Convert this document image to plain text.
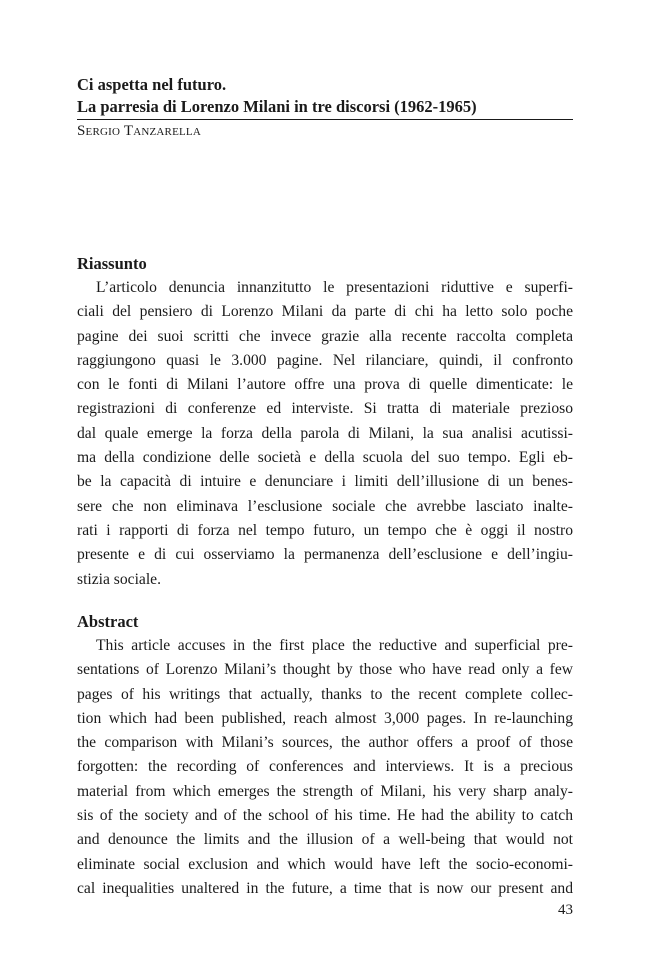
Ci aspetta nel futuro.
La parresia di Lorenzo Milani in tre discorsi (1962-1965)
Sergio Tanzarella
Riassunto

L’articolo denuncia innanzitutto le presentazioni riduttive e superfi-
ciali del pensiero di Lorenzo Milani da parte di chi ha letto solo poche
pagine dei suoi scritti che invece grazie alla recente raccolta completa
raggiungono quasi le 3.000 pagine. Nel rilanciare, quindi, il confronto
con le fonti di Milani l’autore offre una prova di quelle dimenticate: le
registrazioni di conferenze ed interviste. Si tratta di materiale prezioso
dal quale emerge la forza della parola di Milani, la sua analisi acutissi-
ma della condizione delle società e della scuola del suo tempo. Egli eb-
be la capacità di intuire e denunciare i limiti dell’illusione di un benes-
sere che non eliminava l’esclusione sociale che avrebbe lasciato inalte-
rati i rapporti di forza nel tempo futuro, un tempo che è oggi il nostro
presente e di cui osserviamo la permanenza dell’esclusione e dell’ingiu-
stizia sociale.

Abstract

This article accuses in the first place the reductive and superficial pre-
sentations of Lorenzo Milani’s thought by those who have read only a few
pages of his writings that actually, thanks to the recent complete collec-
tion which had been published, reach almost 3,000 pages. In re-launching
the comparison with Milani’s sources, the author offers a proof of those
forgotten: the recording of conferences and interviews. It is a precious
material from which emerges the strength of Milani, his very sharp analy-
sis of the society and of the school of his time. He had the ability to catch
and denounce the limits and the illusion of a well-being that would not
eliminate social exclusion and which would have left the socio-economi-
cal inequalities unaltered in the future, a time that is now our present and

43
